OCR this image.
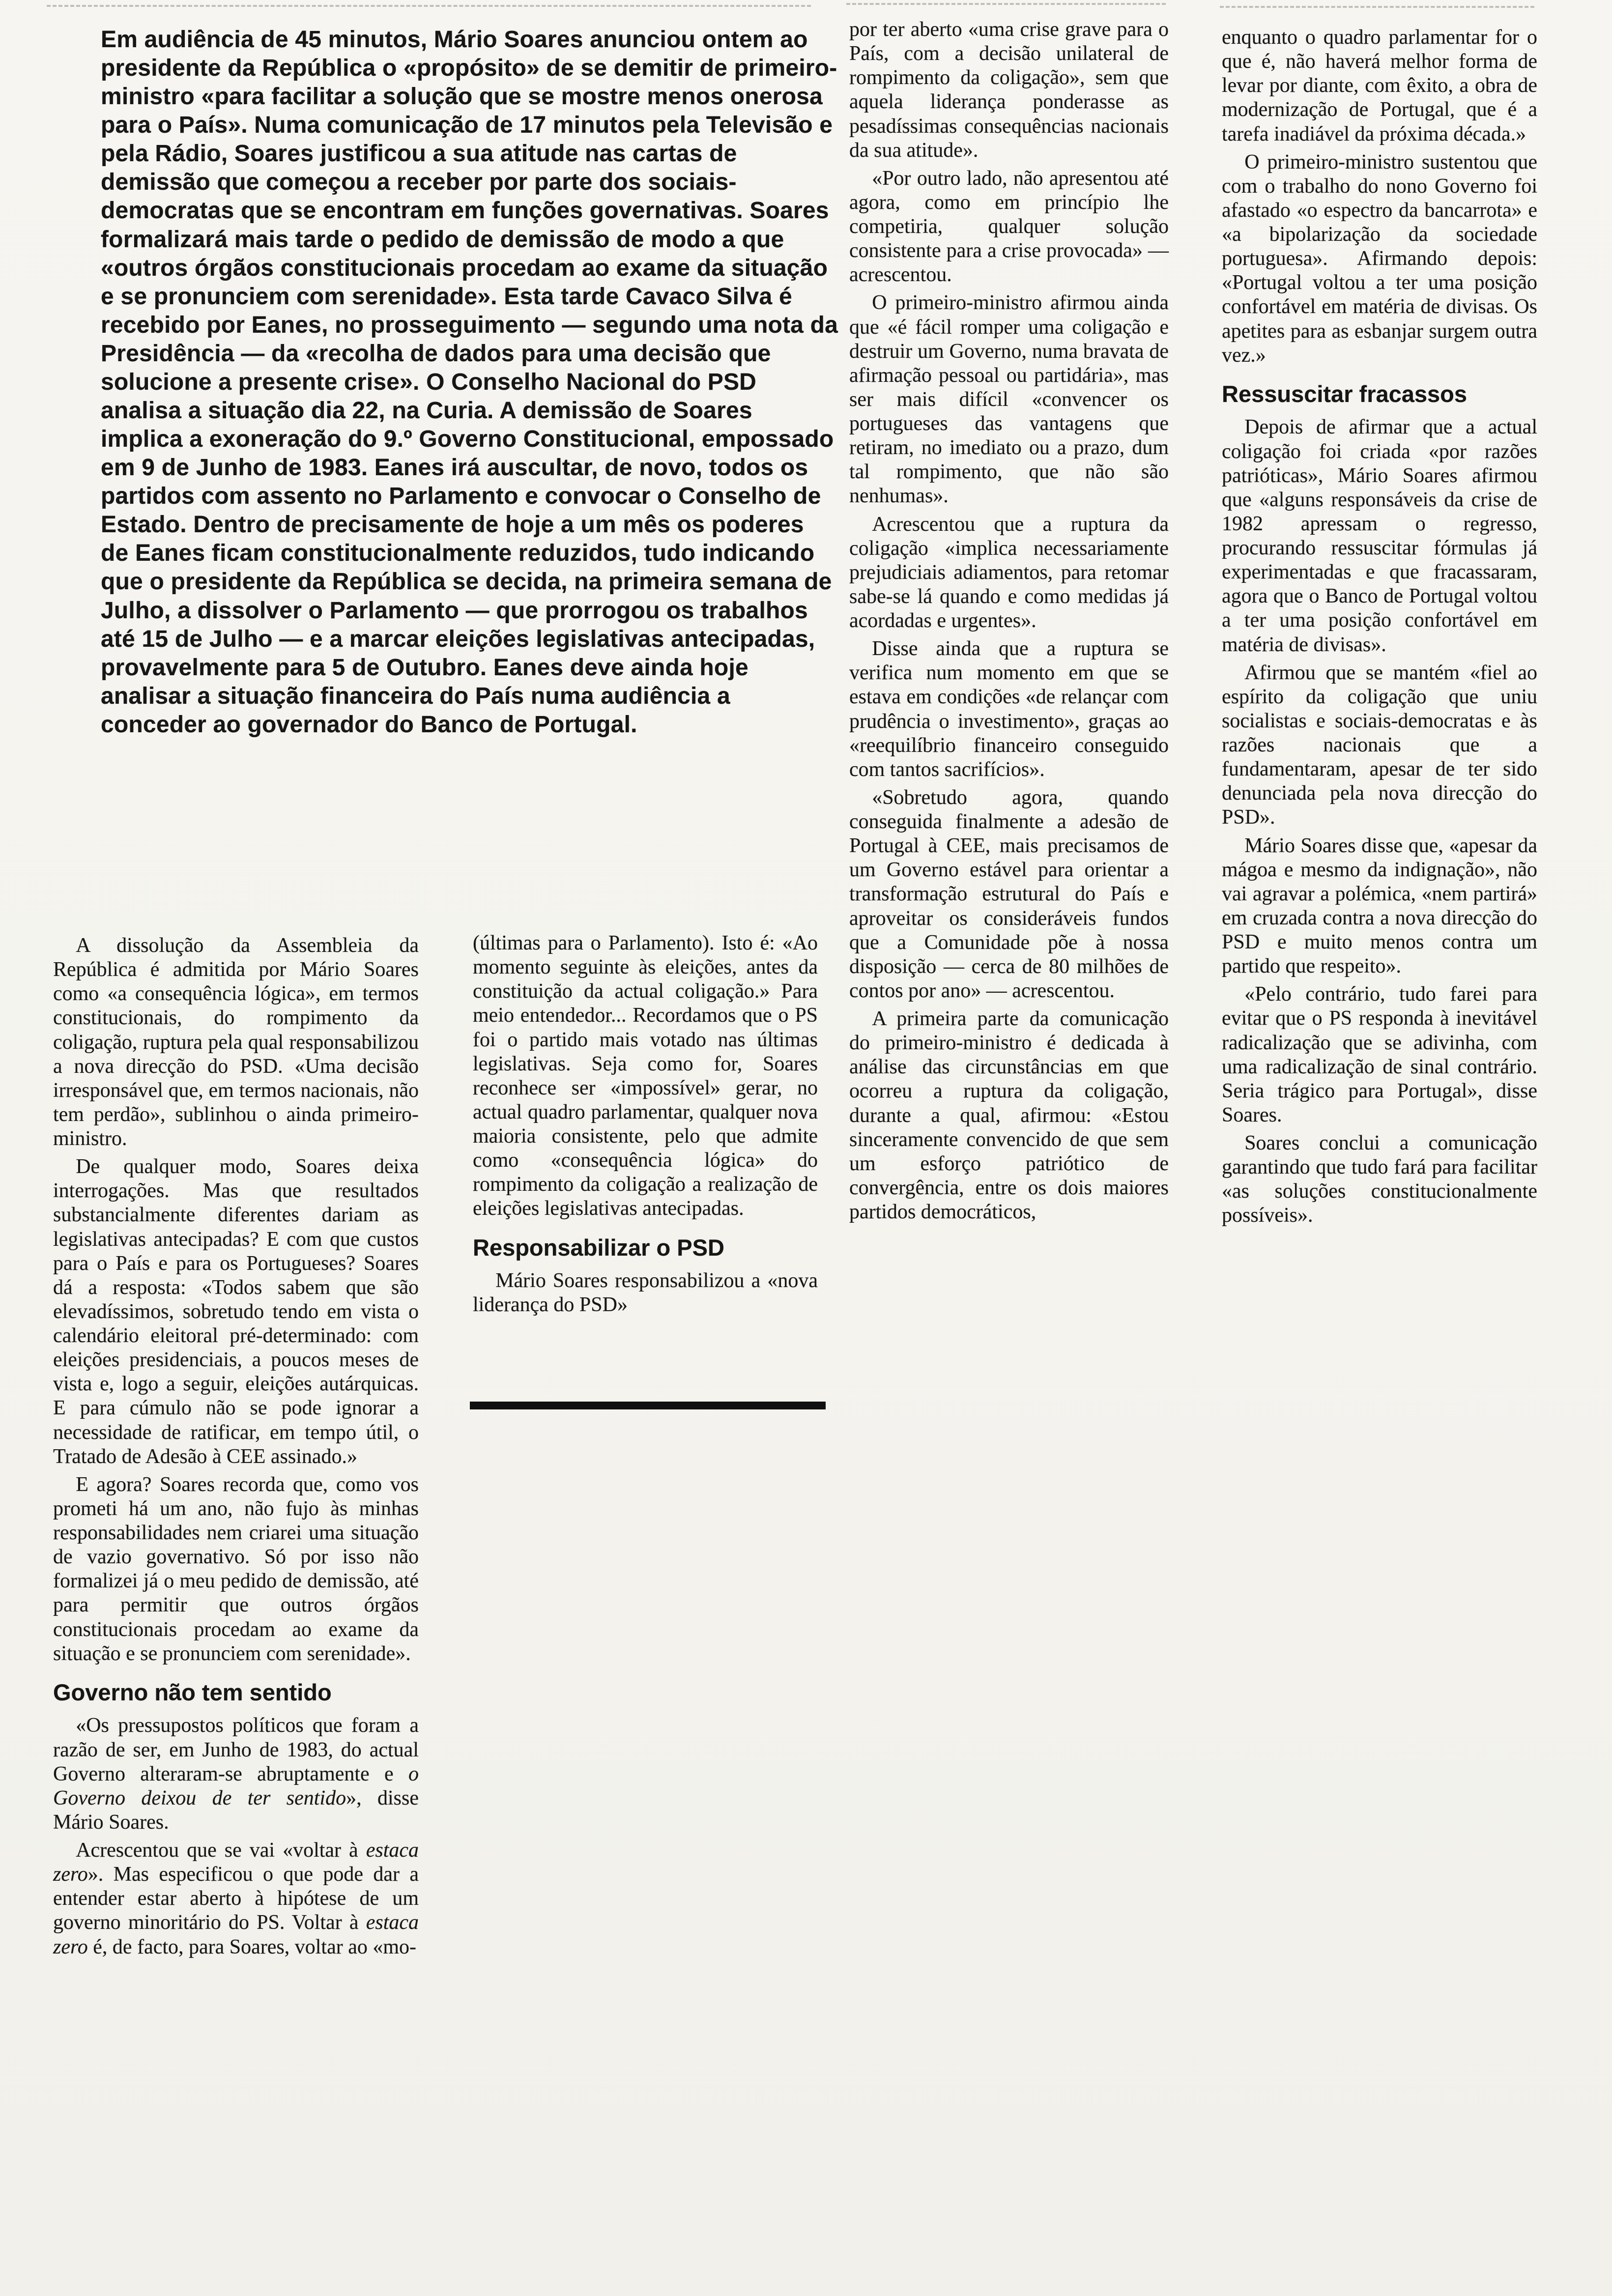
Em audiência de 45 minutos, Mário Soares anunciou ontem ao presidente da República o «propósito» de se demitir de primeiro-ministro «para facilitar a solução que se mostre menos onerosa para o País». Numa comunicação de 17 minutos pela Televisão e pela Rádio, Soares justificou a sua atitude nas cartas de demissão que começou a receber por parte dos sociais-democratas que se encontram em funções governativas. Soares formalizará mais tarde o pedido de demissão de modo a que «outros órgãos constitucionais procedam ao exame da situação e se pronunciem com serenidade». Esta tarde Cavaco Silva é recebido por Eanes, no prosseguimento — segundo uma nota da Presidência — da «recolha de dados para uma decisão que solucione a presente crise». O Conselho Nacional do PSD analisa a situação dia 22, na Curia. A demissão de Soares implica a exoneração do 9.º Governo Constitucional, empossado em 9 de Junho de 1983. Eanes irá auscultar, de novo, todos os partidos com assento no Parlamento e convocar o Conselho de Estado. Dentro de precisamente de hoje a um mês os poderes de Eanes ficam constitucionalmente reduzidos, tudo indicando que o presidente da República se decida, na primeira semana de Julho, a dissolver o Parlamento — que prorrogou os trabalhos até 15 de Julho — e a marcar eleições legislativas antecipadas, provavelmente para 5 de Outubro. Eanes deve ainda hoje analisar a situação financeira do País numa audiência a conceder ao governador do Banco de Portugal.

por ter aberto «uma crise grave para o País, com a decisão unilateral de rompimento da coligação», sem que aquela liderança ponderasse as pesadíssimas consequências nacionais da sua atitude».

«Por outro lado, não apresentou até agora, como em princípio lhe competiria, qualquer solução consistente para a crise provocada» — acrescentou.

O primeiro-ministro afirmou ainda que «é fácil romper uma coligação e destruir um Governo, numa bravata de afirmação pessoal ou partidária», mas ser mais difícil «convencer os portugueses das vantagens que retiram, no imediato ou a prazo, dum tal rompimento, que não são nenhumas».

Acrescentou que a ruptura da coligação «implica necessariamente prejudiciais adiamentos, para retomar sabe-se lá quando e como medidas já acordadas e urgentes».

Disse ainda que a ruptura se verifica num momento em que se estava em condições «de relançar com prudência o investimento», graças ao «reequilíbrio financeiro conseguido com tantos sacrifícios».

«Sobretudo agora, quando conseguida finalmente a adesão de Portugal à CEE, mais precisamos de um Governo estável para orientar a transformação estrutural do País e aproveitar os consideráveis fundos que a Comunidade põe à nossa disposição — cerca de 80 milhões de contos por ano» — acrescentou.

A primeira parte da comunicação do primeiro-ministro é dedicada à análise das circunstâncias em que ocorreu a ruptura da coligação, durante a qual, afirmou: «Estou sinceramente convencido de que sem um esforço patriótico de convergência, entre os dois maiores partidos democráticos,

enquanto o quadro parlamentar for o que é, não haverá melhor forma de levar por diante, com êxito, a obra de modernização de Portugal, que é a tarefa inadiável da próxima década.»

O primeiro-ministro sustentou que com o trabalho do nono Governo foi afastado «o espectro da bancarrota» e «a bipolarização da sociedade portuguesa». Afirmando depois: «Portugal voltou a ter uma posição confortável em matéria de divisas. Os apetites para as esbanjar surgem outra vez.»

Ressuscitar fracassos

Depois de afirmar que a actual coligação foi criada «por razões patrióticas», Mário Soares afirmou que «alguns responsáveis da crise de 1982 apressam o regresso, procurando ressuscitar fórmulas já experimentadas e que fracassaram, agora que o Banco de Portugal voltou a ter uma posição confortável em matéria de divisas».

Afirmou que se mantém «fiel ao espírito da coligação que uniu socialistas e sociais-democratas e às razões nacionais que a fundamentaram, apesar de ter sido denunciada pela nova direcção do PSD».

Mário Soares disse que, «apesar da mágoa e mesmo da indignação», não vai agravar a polémica, «nem partirá» em cruzada contra a nova direcção do PSD e muito menos contra um partido que respeito».

«Pelo contrário, tudo farei para evitar que o PS responda à inevitável radicalização que se adivinha, com uma radicalização de sinal contrário. Seria trágico para Portugal», disse Soares.

Soares conclui a comunicação garantindo que tudo fará para facilitar «as soluções constitucionalmente possíveis».

A dissolução da Assembleia da República é admitida por Mário Soares como «a consequência lógica», em termos constitucionais, do rompimento da coligação, ruptura pela qual responsabilizou a nova direcção do PSD. «Uma decisão irresponsável que, em termos nacionais, não tem perdão», sublinhou o ainda primeiro-ministro.

De qualquer modo, Soares deixa interrogações. Mas que resultados substancialmente diferentes dariam as legislativas antecipadas? E com que custos para o País e para os Portugueses? Soares dá a resposta: «Todos sabem que são elevadíssimos, sobretudo tendo em vista o calendário eleitoral pré-determinado: com eleições presidenciais, a poucos meses de vista e, logo a seguir, eleições autárquicas. E para cúmulo não se pode ignorar a necessidade de ratificar, em tempo útil, o Tratado de Adesão à CEE assinado.»

E agora? Soares recorda que, como vos prometi há um ano, não fujo às minhas responsabilidades nem criarei uma situação de vazio governativo. Só por isso não formalizei já o meu pedido de demissão, até para permitir que outros órgãos constitucionais procedam ao exame da situação e se pronunciem com serenidade».

Governo não tem sentido

«Os pressupostos políticos que foram a razão de ser, em Junho de 1983, do actual Governo alteraram-se abruptamente e o Governo deixou de ter sentido», disse Mário Soares.

Acrescentou que se vai «voltar à estaca zero». Mas especificou o que pode dar a entender estar aberto à hipótese de um governo minoritário do PS. Voltar à estaca zero é, de facto, para Soares, voltar ao «mo-

(últimas para o Parlamento). Isto é: «Ao momento seguinte às eleições, antes da constituição da actual coligação.» Para meio entendedor... Recordamos que o PS foi o partido mais votado nas últimas legislativas. Seja como for, Soares reconhece ser «impossível» gerar, no actual quadro parlamentar, qualquer nova maioria consistente, pelo que admite como «consequência lógica» do rompimento da coligação a realização de eleições legislativas antecipadas.

Responsabilizar o PSD

Mário Soares responsabilizou a «nova liderança do PSD»
